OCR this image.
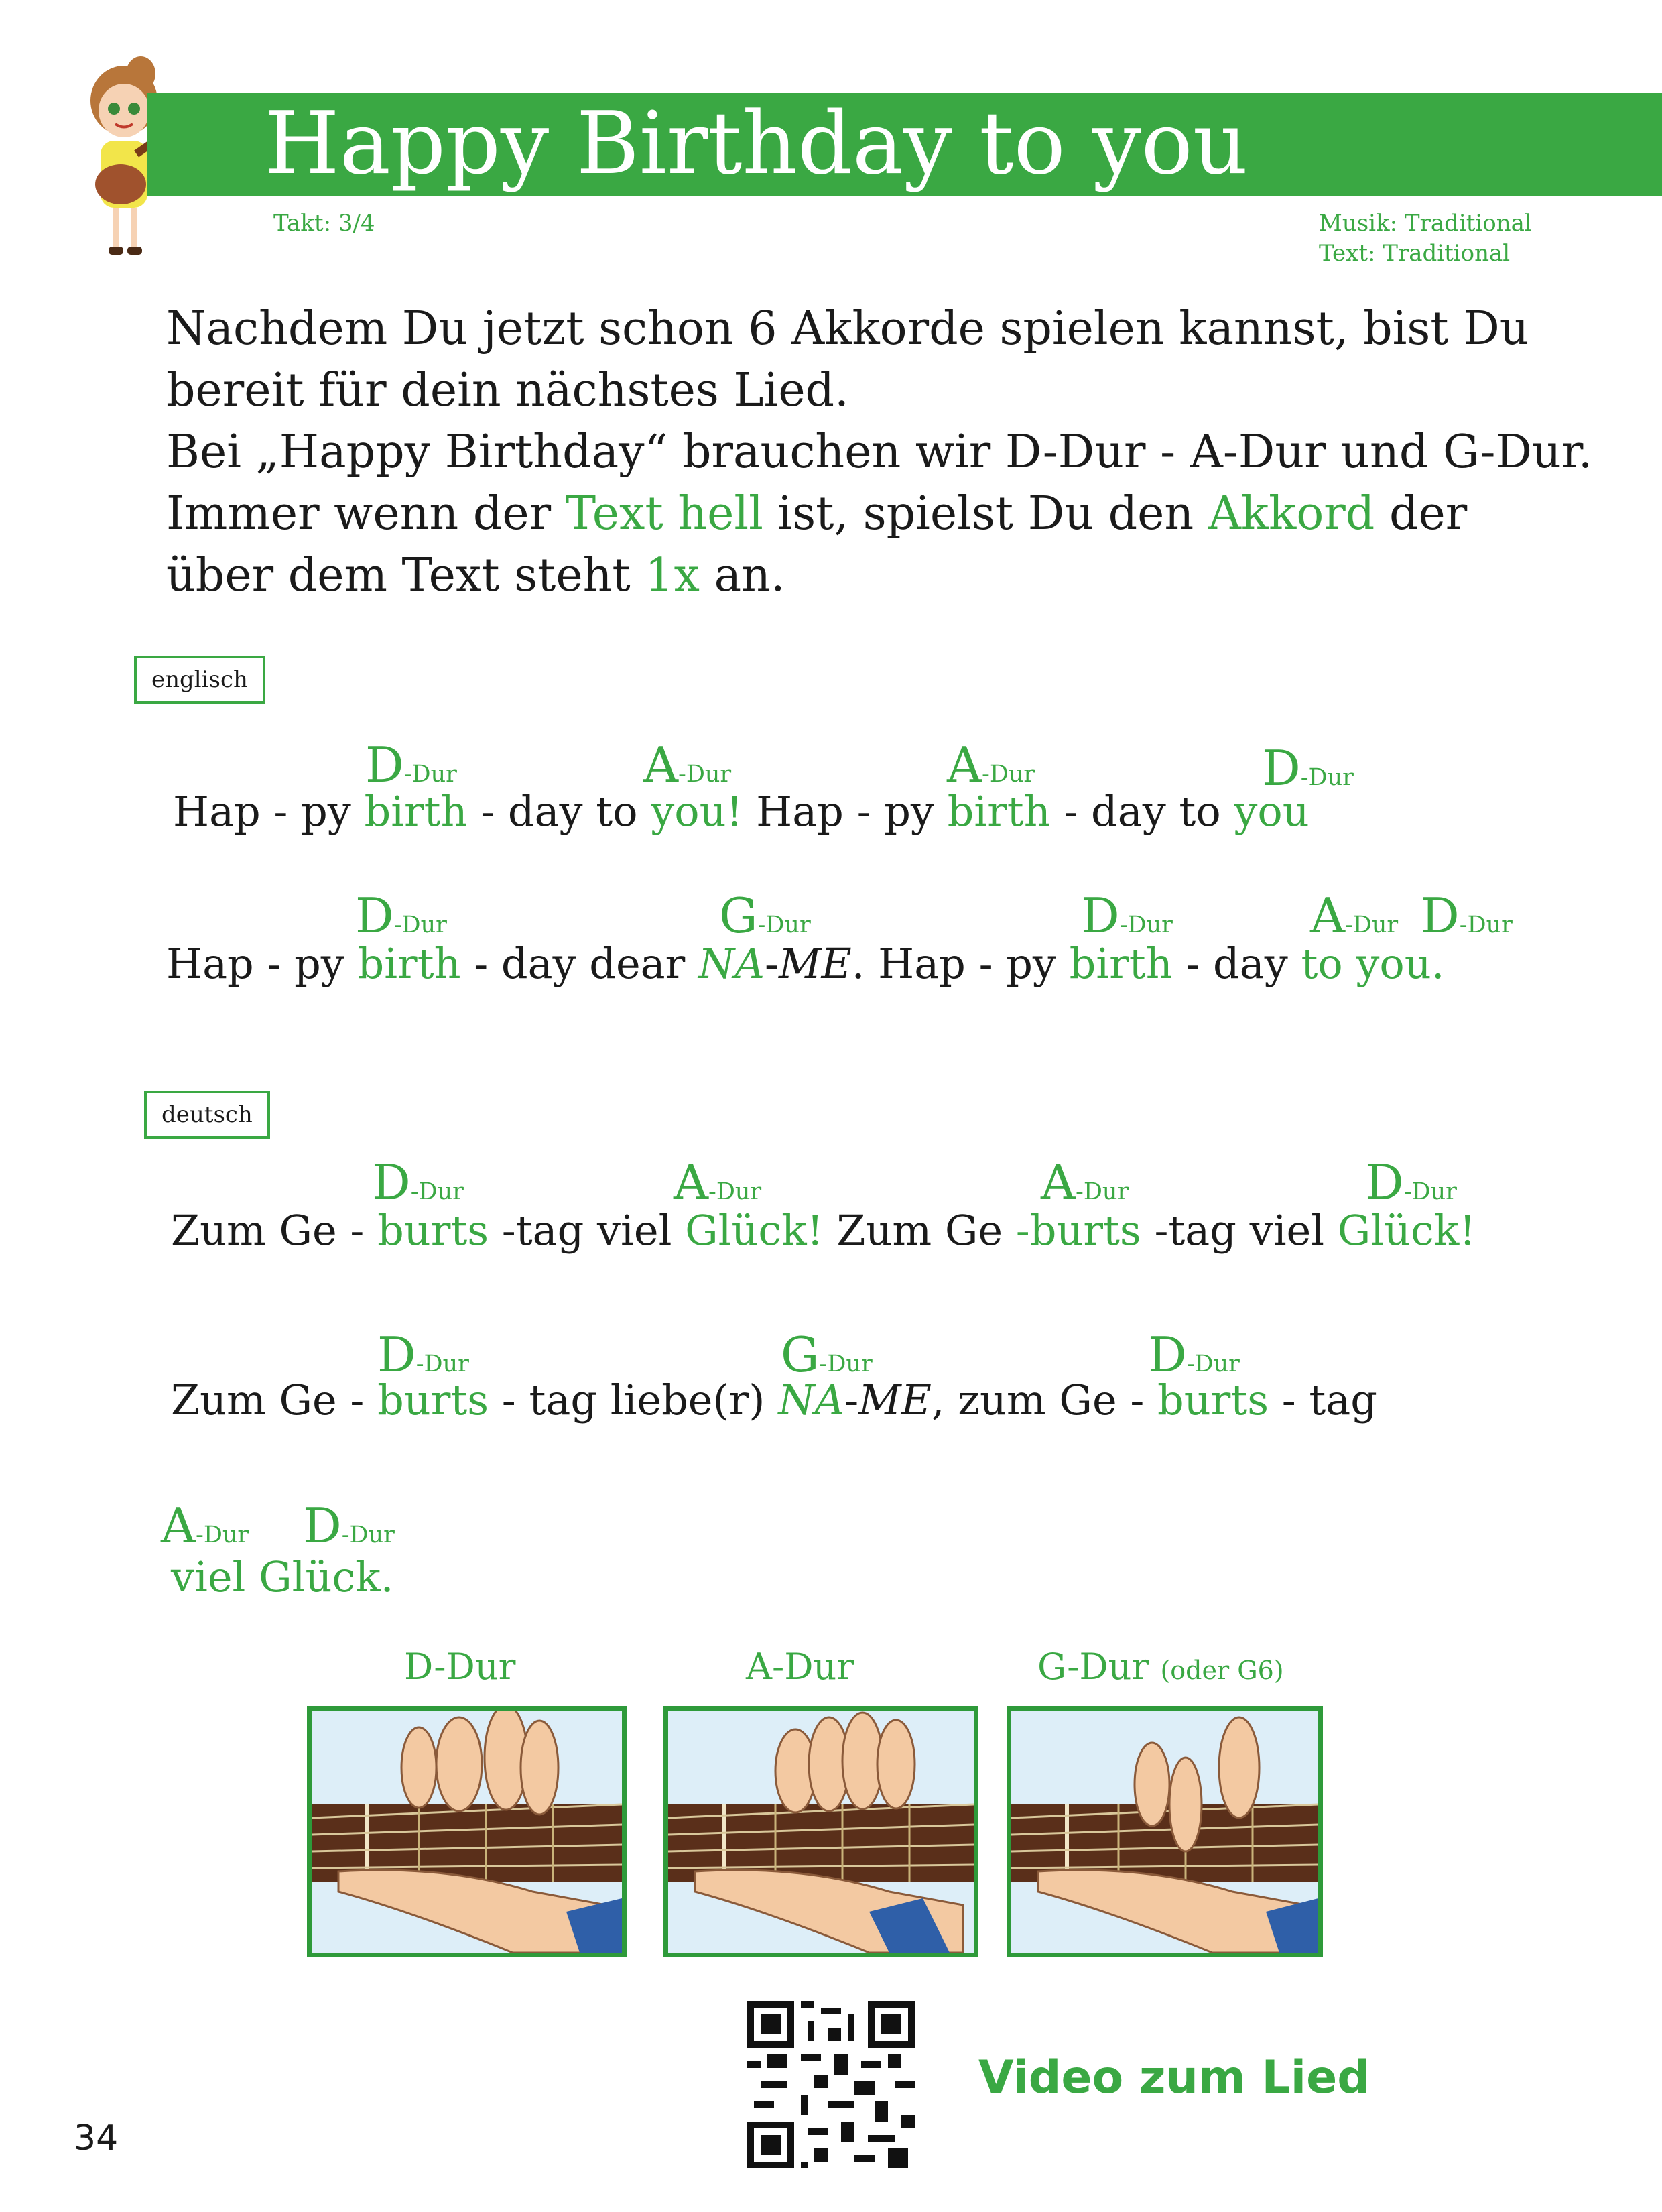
Happy Birthday to you
Takt: 3/4	Musik: Traditional
Text: Traditional

Nachdem Du jetzt schon 6 Akkorde spielen kannst, bist Du

bereit für dein nächstes Lied.

Bei „Happy Birthday“ brauchen wir D-Dur - A-Dur und G-Dur.

Immer wenn der Text hell ist, spielst Du den Akkord der

über dem Text steht 1x an.

englisch
D-Dur	A-Dur	A-Dur	D-Dur
Hap - py birth - day to you! Hap - py birth - day to you
D-Dur	G-Dur	D-Dur	A-Dur D-Dur
Hap - py birth - day dear NA-ME. Hap - py birth - day to you.
deutsch
D-Dur	A-Dur	A-Dur	D-Dur
Zum Ge - burts -tag viel Glück! Zum Ge -burts -tag viel Glück!
D-Dur	G-Dur	D-Dur
Zum Ge - burts - tag liebe(r) NA-ME, zum Ge - burts - tag
A-Dur D-Dur
viel Glück.
D-Dur	A-Dur	G-Dur (oder G6)
Video zum Lied
34
